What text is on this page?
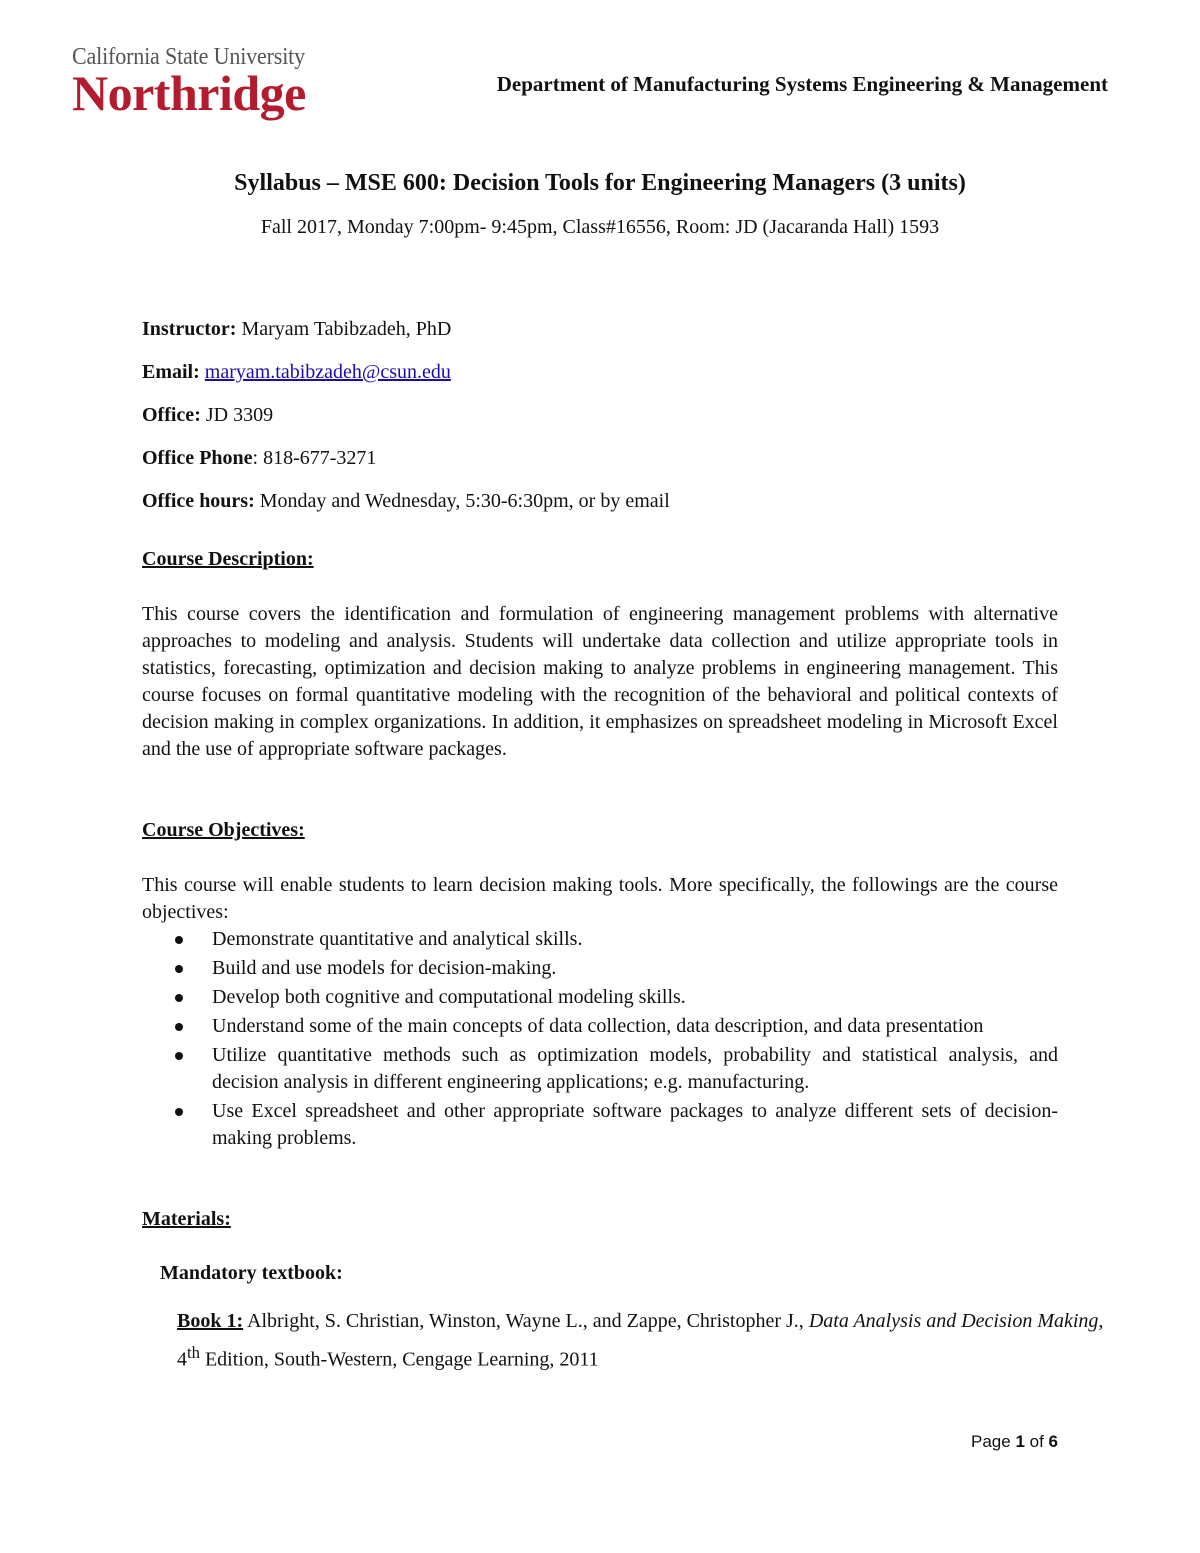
California State University
Northridge	Department of Manufacturing Systems Engineering & Management
Syllabus – MSE 600: Decision Tools for Engineering Managers (3 units)
Fall 2017, Monday 7:00pm- 9:45pm, Class#16556, Room: JD (Jacaranda Hall) 1593
Instructor: Maryam Tabibzadeh, PhD
Email: maryam.tabibzadeh@csun.edu
Office: JD 3309
Office Phone: 818-677-3271
Office hours: Monday and Wednesday, 5:30-6:30pm, or by email
Course Description:

This course covers the identification and formulation of engineering management problems with alternative approaches to modeling and analysis. Students will undertake data collection and utilize appropriate tools in statistics, forecasting, optimization and decision making to analyze problems in engineering management. This course focuses on formal quantitative modeling with the recognition of the behavioral and political contexts of decision making in complex organizations. In addition, it emphasizes on spreadsheet modeling in Microsoft Excel and the use of appropriate software packages.

Course Objectives:

This course will enable students to learn decision making tools. More specifically, the followings are the course objectives:

Demonstrate quantitative and analytical skills.
Build and use models for decision-making.
Develop both cognitive and computational modeling skills.
Understand some of the main concepts of data collection, data description, and data presentation
Utilize quantitative methods such as optimization models, probability and statistical analysis, and decision analysis in different engineering applications; e.g. manufacturing.
Use Excel spreadsheet and other appropriate software packages to analyze different sets of decision-making problems.
Materials:
Mandatory textbook:

Book 1: Albright, S. Christian, Winston, Wayne L., and Zappe, Christopher J., Data Analysis and Decision Making, 4th Edition, South-Western, Cengage Learning, 2011

Page 1 of 6
